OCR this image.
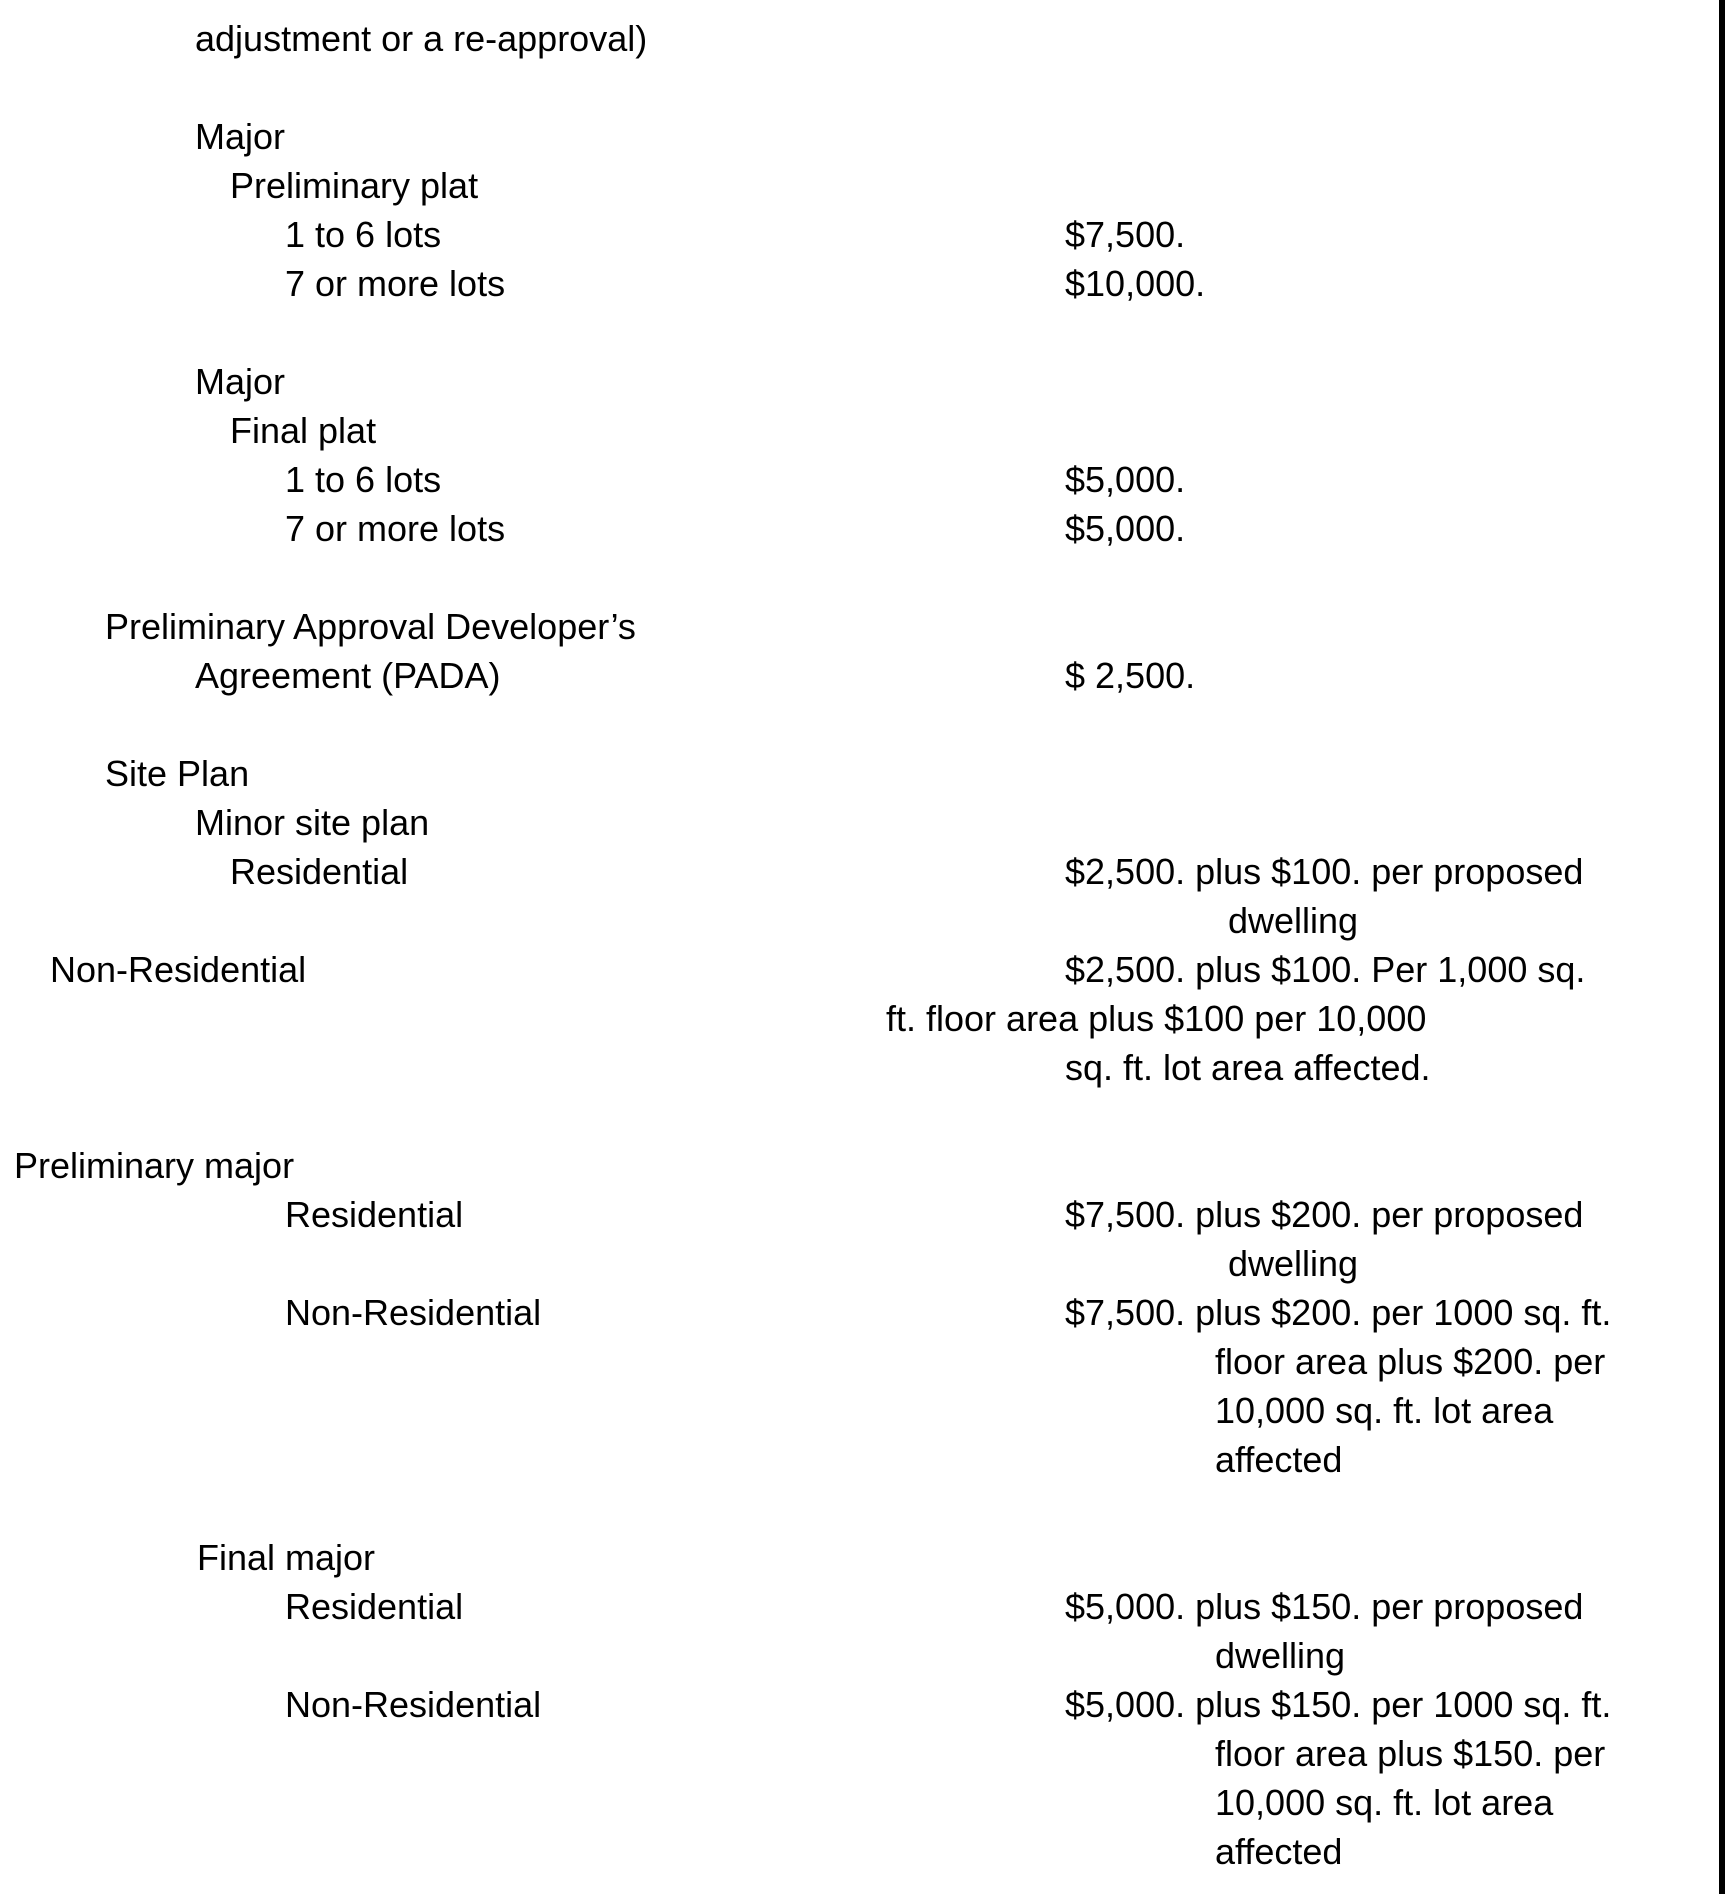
adjustment or a re-approval)
Major
Preliminary plat
1 to 6 lots
7 or more lots
Major
Final plat
1 to 6 lots
7 or more lots
Preliminary Approval Developer’s
Agreement (PADA)
Site Plan
Minor site plan
Residential
Non-Residential
Preliminary major
Residential
Non-Residential
Final major
Residential
Non-Residential
$7,500.
$10,000.
$5,000.
$5,000.
$ 2,500.
$2,500. plus $100. per proposed
dwelling
$2,500. plus $100. Per 1,000 sq.
ft. floor area plus $100 per 10,000
sq. ft. lot area affected.
$7,500. plus $200. per proposed
dwelling
$7,500. plus $200. per 1000 sq. ft.
floor area plus $200. per
10,000 sq. ft. lot area
affected
$5,000. plus $150. per proposed
dwelling
$5,000. plus $150. per 1000 sq. ft.
floor area plus $150. per
10,000 sq. ft. lot area
affected
